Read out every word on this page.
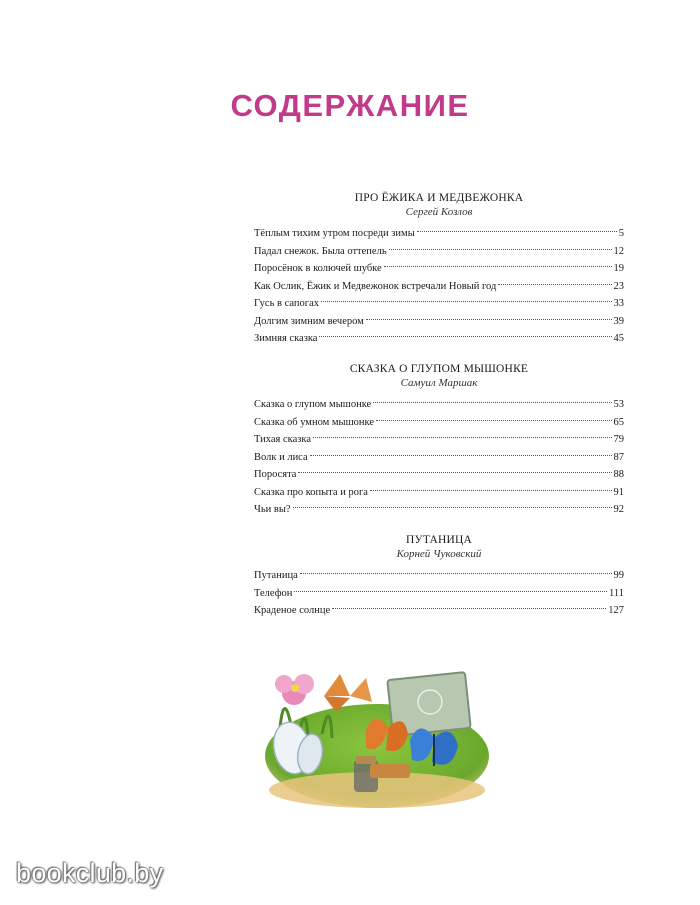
СОДЕРЖАНИЕ
ПРО ЁЖИКА И МЕДВЕЖОНКА
Сергей Козлов
Тёплым тихим утром посреди зимы	5
Падал снежок. Была оттепель	12
Поросёнок в колючей шубке	19
Как Ослик, Ёжик и Медвежонок встречали Новый год	23
Гусь в сапогах	33
Долгим зимним вечером	39
Зимняя сказка	45
СКАЗКА О ГЛУПОМ МЫШОНКЕ
Самуил Маршак
Сказка о глупом мышонке	53
Сказка об умном мышонке	65
Тихая сказка	79
Волк и лиса	87
Поросята	88
Сказка про копыта и рога	91
Чьи вы?	92
ПУТАНИЦА
Корней Чуковский
Путаница	99
Телефон	111
Краденое солнце	127
bookclub.by
